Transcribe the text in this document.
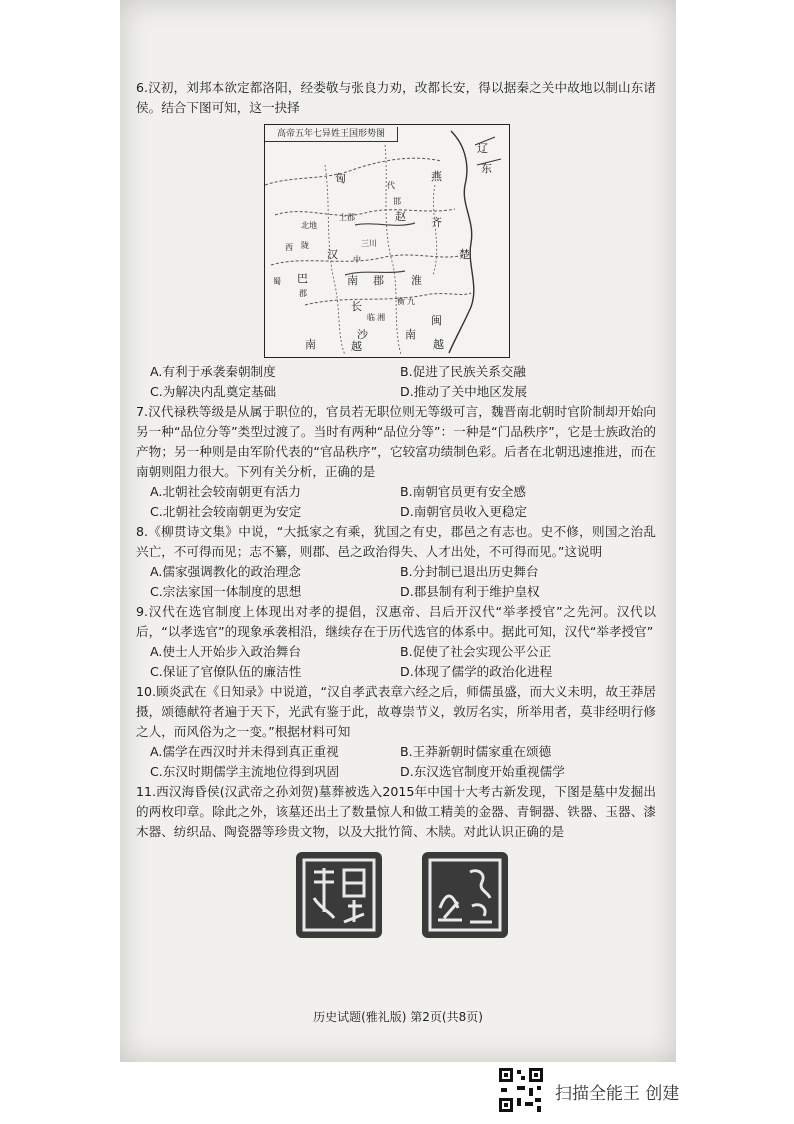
6.汉初，刘邦本欲定都洛阳，经娄敬与张良力劝，改都长安，得以据秦之关中故地以制山东诸侯。结合下图可知，这一抉择

高帝五年七异姓王国形势图
辽
东
燕
匈
代
邯
赵 齐
北地
上郡
西
汉
陇	三川
楚
中
巴	南 郡 淮
蜀
郡
长
沙
临 湘	闽
南
越
衡 九
南	越
A.有利于承袭秦朝制度	B.促进了民族关系交融
C.为解决内乱奠定基础	D.推动了关中地区发展

7.汉代禄秩等级是从属于职位的，官员若无职位则无等级可言，魏晋南北朝时官阶制却开始向另一种“品位分等”类型过渡了。当时有两种“品位分等”：一种是“门品秩序”，它是士族政治的产物；另一种则是由军阶代表的“官品秩序”，它较富功绩制色彩。后者在北朝迅速推进，而在南朝则阻力很大。下列有关分析，正确的是

A.北朝社会较南朝更有活力	B.南朝官员更有安全感
C.北朝社会较南朝更为安定	D.南朝官员收入更稳定

8.《柳贯诗文集》中说，“大抵家之有乘，犹国之有史，郡邑之有志也。史不修，则国之治乱兴亡，不可得而见；志不纂，则郡、邑之政治得失、人才出处，不可得而见。”这说明

A.儒家强调教化的政治理念	B.分封制已退出历史舞台
C.宗法家国一体制度的思想	D.郡县制有利于维护皇权

9.汉代在选官制度上体现出对孝的提倡，汉惠帝、吕后开汉代“举孝授官”之先河。汉代以后，“以孝选官”的现象承袭相沿，继续存在于历代选官的体系中。据此可知，汉代“举孝授官”

A.使士人开始步入政治舞台	B.促使了社会实现公平公正
C.保证了官僚队伍的廉洁性	D.体现了儒学的政治化进程

10.顾炎武在《日知录》中说道，“汉自孝武表章六经之后，师儒虽盛，而大义未明，故王莽居摄，颂德献符者遍于天下，光武有鉴于此，故尊崇节义，敦厉名实，所举用者，莫非经明行修之人，而风俗为之一变。”根据材料可知

A.儒学在西汉时并未得到真正重视	B.王莽新朝时儒家重在颂德
C.东汉时期儒学主流地位得到巩固	D.东汉选官制度开始重视儒学

11.西汉海昏侯(汉武帝之孙刘贺)墓葬被选入2015年中国十大考古新发现，下图是墓中发掘出的两枚印章。除此之外，该墓还出土了数量惊人和做工精美的金器、青铜器、铁器、玉器、漆木器、纺织品、陶瓷器等珍贵文物，以及大批竹简、木牍。对此认识正确的是

历史试题(雅礼版) 第2页(共8页)
扫描全能王 创建
